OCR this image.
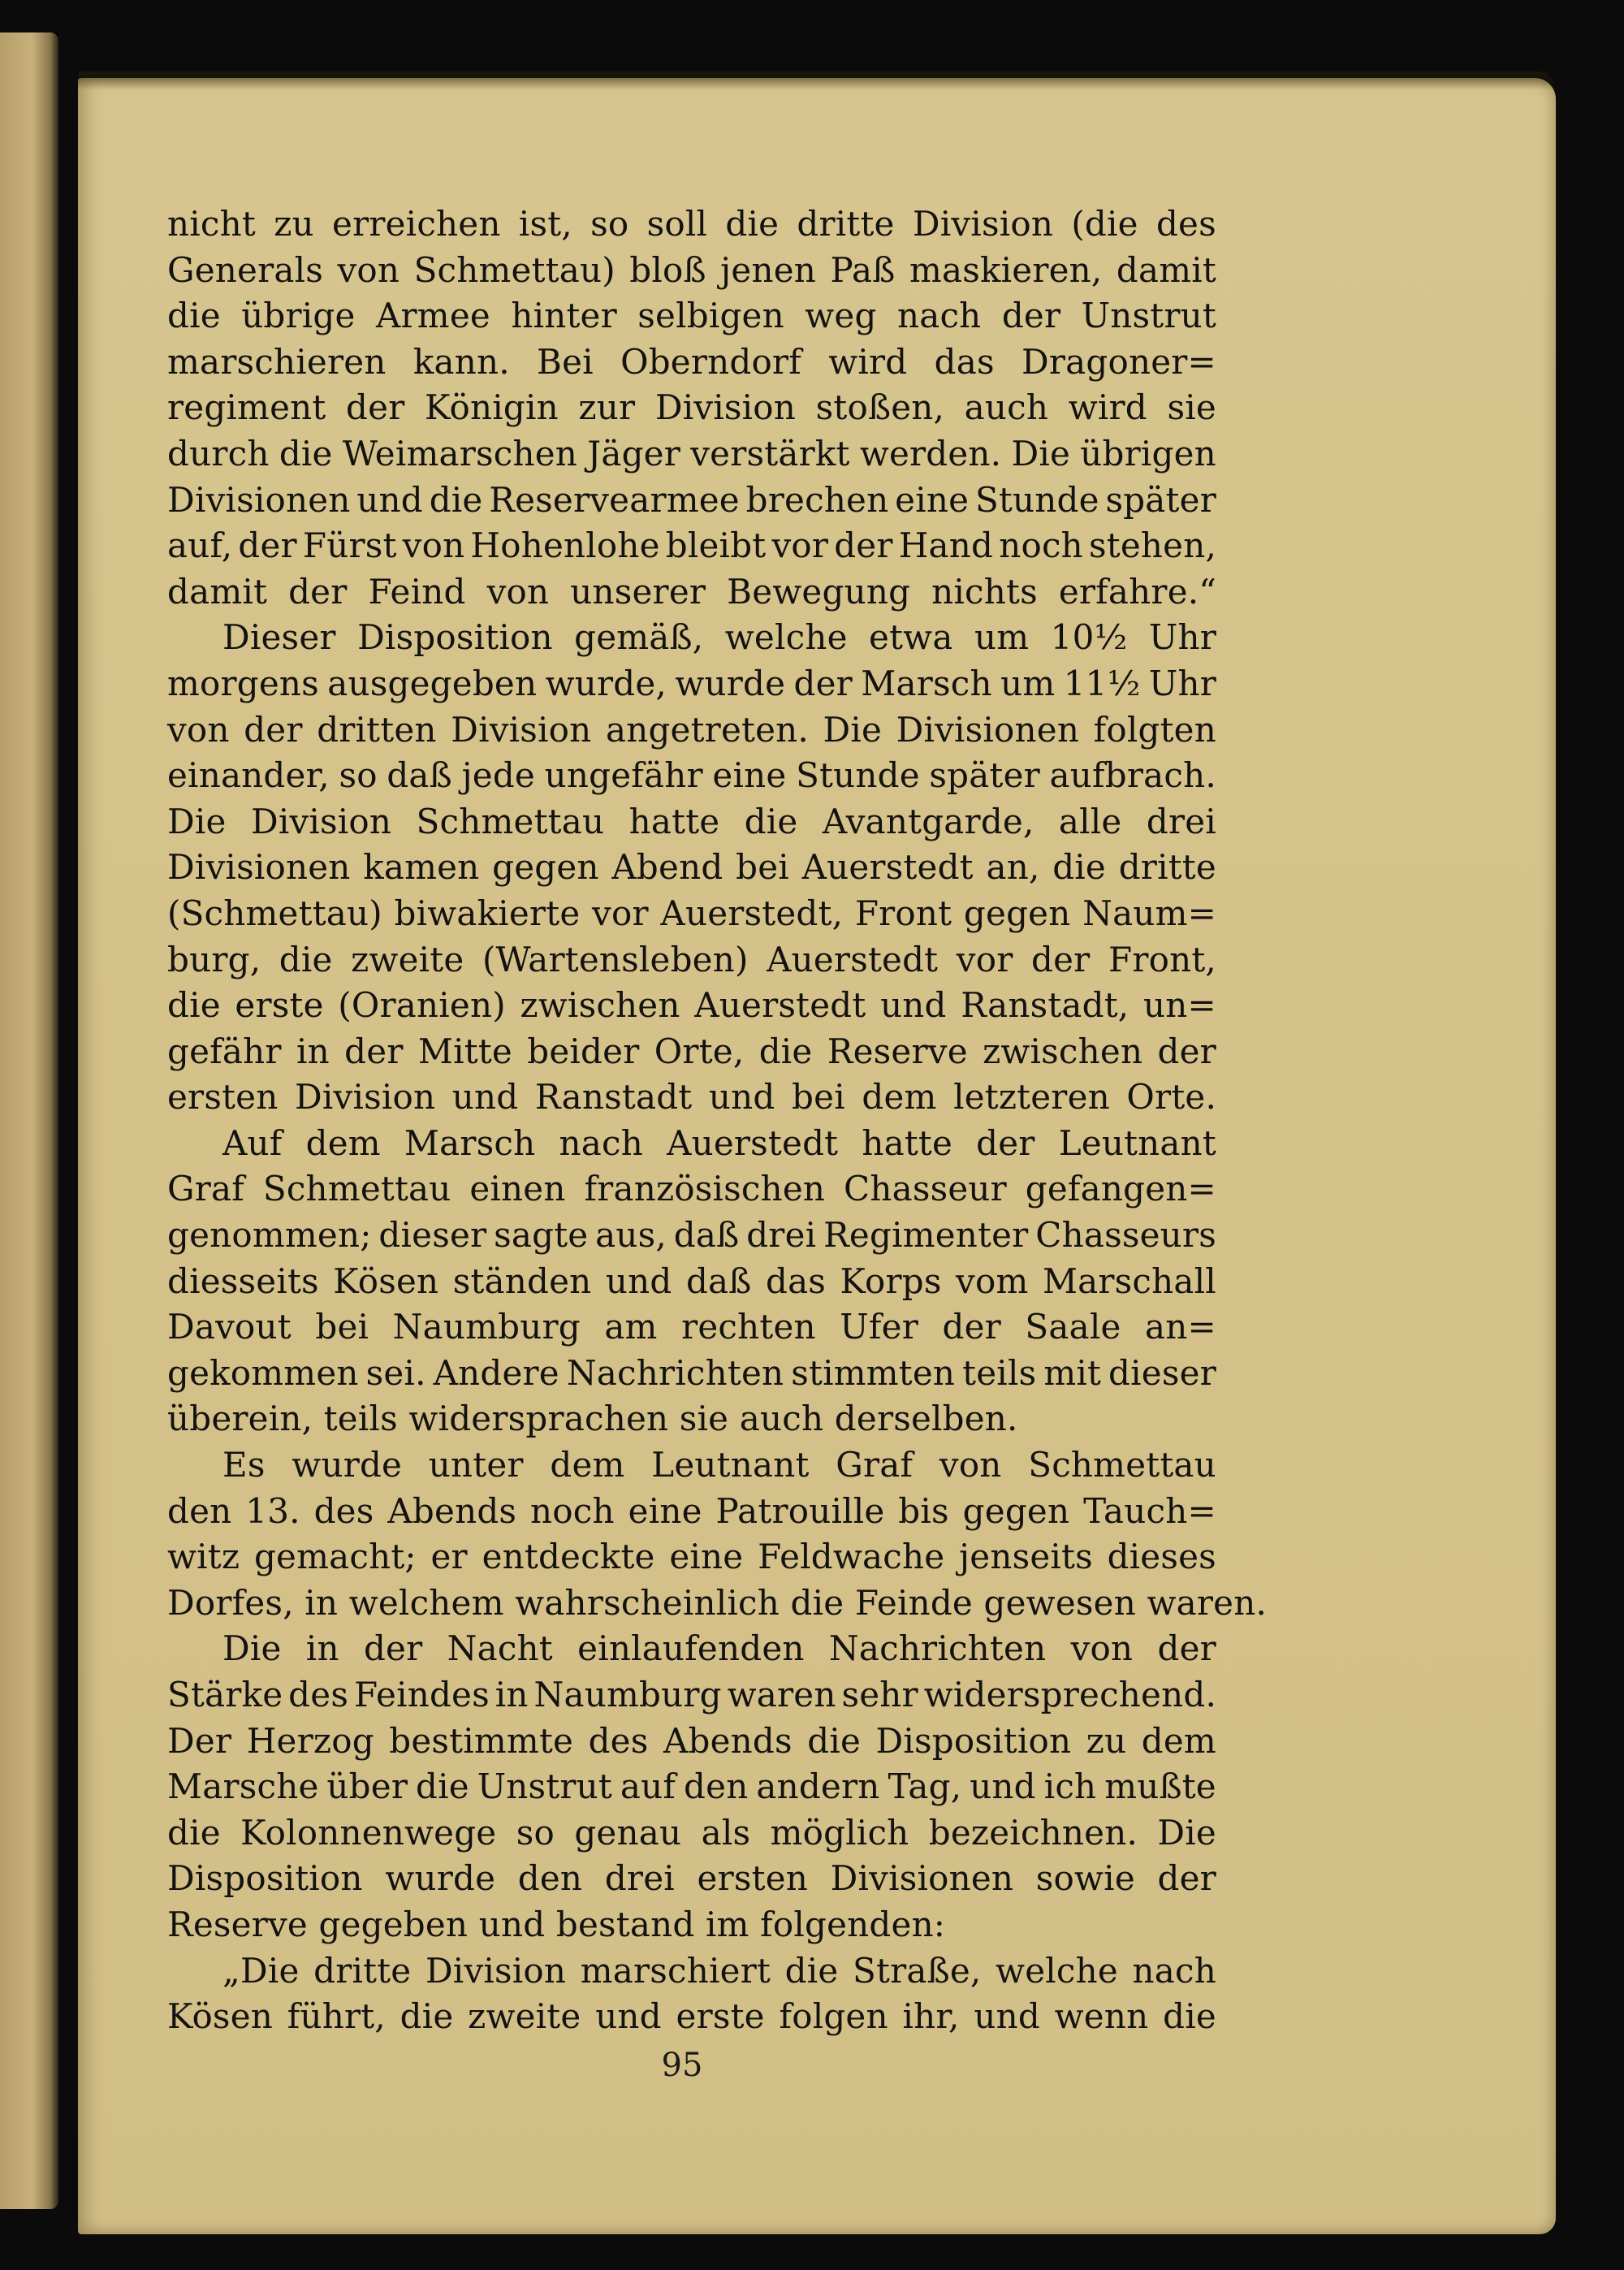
nicht zu erreichen ist, so soll die dritte Division (die des
Generals von Schmettau) bloß jenen Paß maskieren, damit
die übrige Armee hinter selbigen weg nach der Unstrut
marschieren kann. Bei Oberndorf wird das Dragoner=
regiment der Königin zur Division stoßen, auch wird sie
durch die Weimarschen Jäger verstärkt werden. Die übrigen
Divisionen und die Reservearmee brechen eine Stunde später
auf, der Fürst von Hohenlohe bleibt vor der Hand noch stehen,
damit der Feind von unserer Bewegung nichts erfahre.“
Dieser Disposition gemäß, welche etwa um 10½ Uhr
morgens ausgegeben wurde, wurde der Marsch um 11½ Uhr
von der dritten Division angetreten. Die Divisionen folgten
einander, so daß jede ungefähr eine Stunde später aufbrach.
Die Division Schmettau hatte die Avantgarde, alle drei
Divisionen kamen gegen Abend bei Auerstedt an, die dritte
(Schmettau) biwakierte vor Auerstedt, Front gegen Naum=
burg, die zweite (Wartensleben) Auerstedt vor der Front,
die erste (Oranien) zwischen Auerstedt und Ranstadt, un=
gefähr in der Mitte beider Orte, die Reserve zwischen der
ersten Division und Ranstadt und bei dem letzteren Orte.
Auf dem Marsch nach Auerstedt hatte der Leutnant
Graf Schmettau einen französischen Chasseur gefangen=
genommen; dieser sagte aus, daß drei Regimenter Chasseurs
diesseits Kösen ständen und daß das Korps vom Marschall
Davout bei Naumburg am rechten Ufer der Saale an=
gekommen sei. Andere Nachrichten stimmten teils mit dieser
überein, teils widersprachen sie auch derselben.
Es wurde unter dem Leutnant Graf von Schmettau
den 13. des Abends noch eine Patrouille bis gegen Tauch=
witz gemacht; er entdeckte eine Feldwache jenseits dieses
Dorfes, in welchem wahrscheinlich die Feinde gewesen waren.
Die in der Nacht einlaufenden Nachrichten von der
Stärke des Feindes in Naumburg waren sehr widersprechend.
Der Herzog bestimmte des Abends die Disposition zu dem
Marsche über die Unstrut auf den andern Tag, und ich mußte
die Kolonnenwege so genau als möglich bezeichnen. Die
Disposition wurde den drei ersten Divisionen sowie der
Reserve gegeben und bestand im folgenden:
„Die dritte Division marschiert die Straße, welche nach
Kösen führt, die zweite und erste folgen ihr, und wenn die
95
